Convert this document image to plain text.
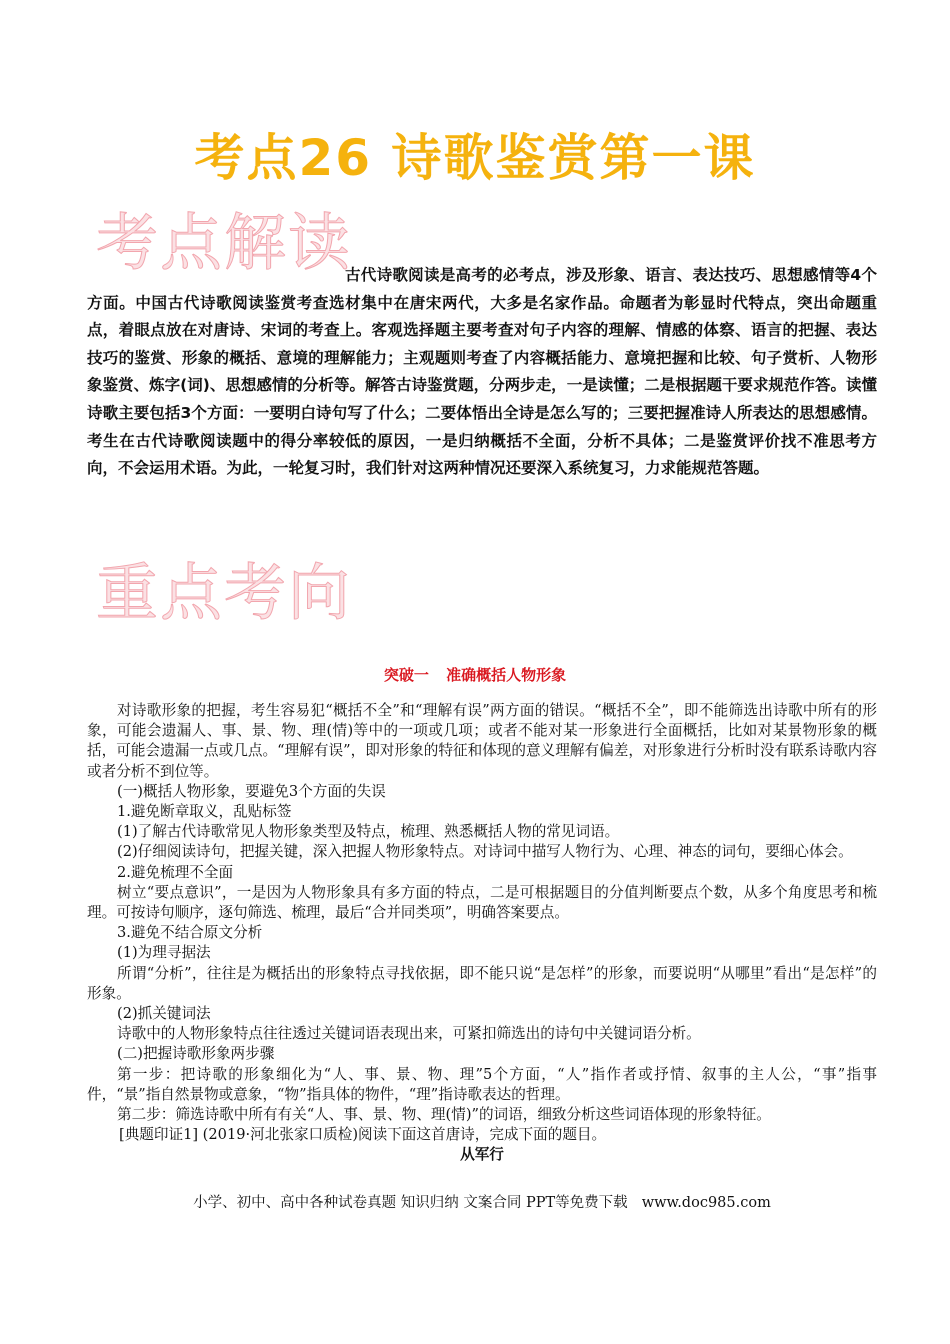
考点26 诗歌鉴赏第一课
考点解读

古代诗歌阅读是高考的必考点，涉及形象、语言、表达技巧、思想感情等4个方面。中国古代诗歌阅读鉴赏考查选材集中在唐宋两代，大多是名家作品。命题者为彰显时代特点，突出命题重点，着眼点放在对唐诗、宋词的考查上。客观选择题主要考查对句子内容的理解、情感的体察、语言的把握、表达技巧的鉴赏、形象的概括、意境的理解能力；主观题则考查了内容概括能力、意境把握和比较、句子赏析、人物形象鉴赏、炼字(词)、思想感情的分析等。解答古诗鉴赏题，分两步走，一是读懂；二是根据题干要求规范作答。读懂诗歌主要包括3个方面：一要明白诗句写了什么；二要体悟出全诗是怎么写的；三要把握准诗人所表达的思想感情。考生在古代诗歌阅读题中的得分率较低的原因，一是归纳概括不全面，分析不具体；二是鉴赏评价找不准思考方向，不会运用术语。为此，一轮复习时，我们针对这两种情况还要深入系统复习，力求能规范答题。

重点考向
突破一 准确概括人物形象

对诗歌形象的把握，考生容易犯“概括不全”和“理解有误”两方面的错误。“概括不全”，即不能筛选出诗歌中所有的形象，可能会遗漏人、事、景、物、理(情)等中的一项或几项；或者不能对某一形象进行全面概括，比如对某景物形象的概括，可能会遗漏一点或几点。“理解有误”，即对形象的特征和体现的意义理解有偏差，对形象进行分析时没有联系诗歌内容或者分析不到位等。

(一)概括人物形象，要避免3个方面的失误

1.避免断章取义，乱贴标签

(1)了解古代诗歌常见人物形象类型及特点，梳理、熟悉概括人物的常见词语。

(2)仔细阅读诗句，把握关键，深入把握人物形象特点。对诗词中描写人物行为、心理、神态的词句，要细心体会。

2.避免梳理不全面

树立“要点意识”，一是因为人物形象具有多方面的特点，二是可根据题目的分值判断要点个数，从多个角度思考和梳理。可按诗句顺序，逐句筛选、梳理，最后“合并同类项”，明确答案要点。

3.避免不结合原文分析

(1)为理寻据法

所谓“分析”，往往是为概括出的形象特点寻找依据，即不能只说“是怎样”的形象，而要说明“从哪里”看出“是怎样”的形象。

(2)抓关键词法

诗歌中的人物形象特点往往透过关键词语表现出来，可紧扣筛选出的诗句中关键词语分析。

(二)把握诗歌形象两步骤

第一步：把诗歌的形象细化为“人、事、景、物、理”5个方面，“人”指作者或抒情、叙事的主人公，“事”指事件，“景”指自然景物或意象，“物”指具体的物件，“理”指诗歌表达的哲理。

第二步：筛选诗歌中所有有关“人、事、景、物、理(情)”的词语，细致分析这些词语体现的形象特征。

[典题印证1] (2019·河北张家口质检)阅读下面这首唐诗，完成下面的题目。

从军行

小学、初中、高中各种试卷真题 知识归纳 文案合同 PPT等免费下载 www.doc985.com
